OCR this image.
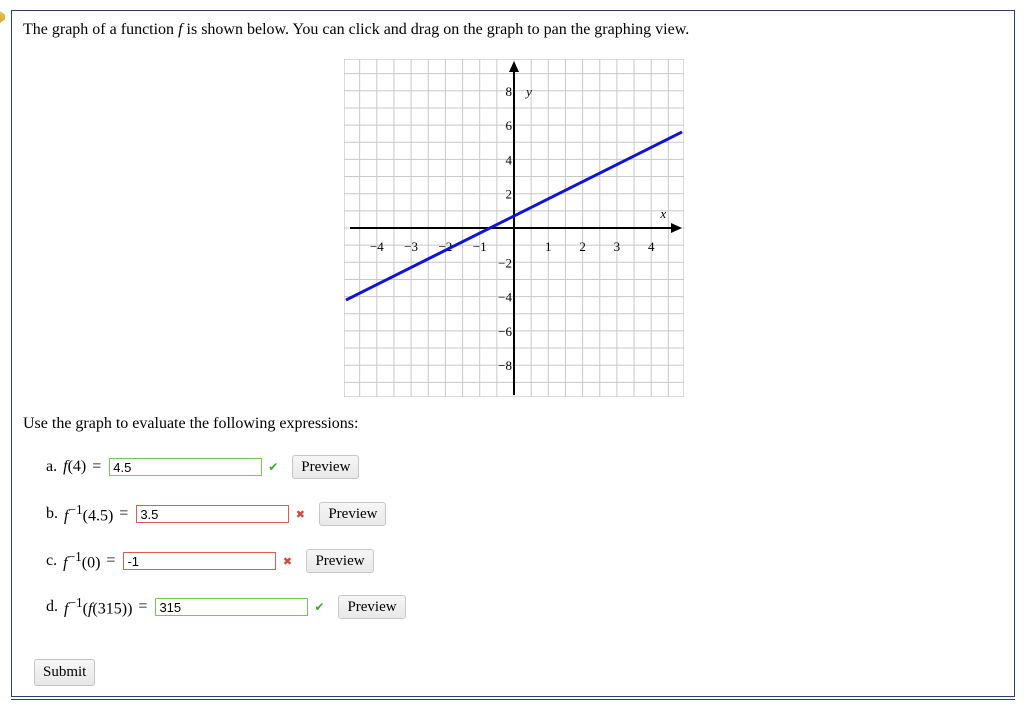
The graph of a function f is shown below. You can click and drag on the graph to pan the graphing view.
−4 −3 −2 −1	1 2 3 4
8
6
4
2
−2
−4
−6
−8
x
y
Use the graph to evaluate the following expressions:
a. f(4) =
4.5	✔	Preview
b. $f^{-1}(4.5)$ =
3.5	✖	Preview
c. $f^{-1}(0)$ =
-1	✖	Preview
d. $f^{-1}(f(315))$ =
315	✔	Preview
Submit
